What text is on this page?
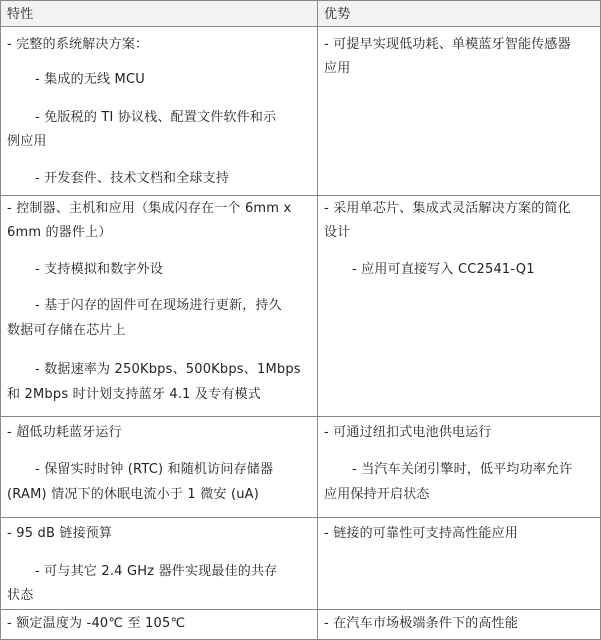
特性	优势
- 完整的系统解决方案：
- 集成的无线 MCU
- 免版税的 TI 协议栈、配置文件软件和示
例应用
- 开发套件、技术文档和全球支持
- 可提早实现低功耗、单模蓝牙智能传感器
应用
- 控制器、主机和应用（集成闪存在一个 6mm x
6mm 的器件上）
- 支持模拟和数字外设
- 基于闪存的固件可在现场进行更新，持久
数据可存储在芯片上
- 数据速率为 250Kbps、500Kbps、1Mbps
和 2Mbps 时计划支持蓝牙 4.1 及专有模式
- 采用单芯片、集成式灵活解决方案的简化
设计
- 应用可直接写入 CC2541-Q1
- 超低功耗蓝牙运行
- 保留实时时钟 (RTC) 和随机访问存储器
(RAM) 情况下的休眠电流小于 1 微安 (uA)
- 可通过纽扣式电池供电运行
- 当汽车关闭引擎时，低平均功率允许
应用保持开启状态
- 95 dB 链接预算
- 可与其它 2.4 GHz 器件实现最佳的共存
状态
- 链接的可靠性可支持高性能应用
- 额定温度为 -40℃ 至 105℃	- 在汽车市场极端条件下的高性能
